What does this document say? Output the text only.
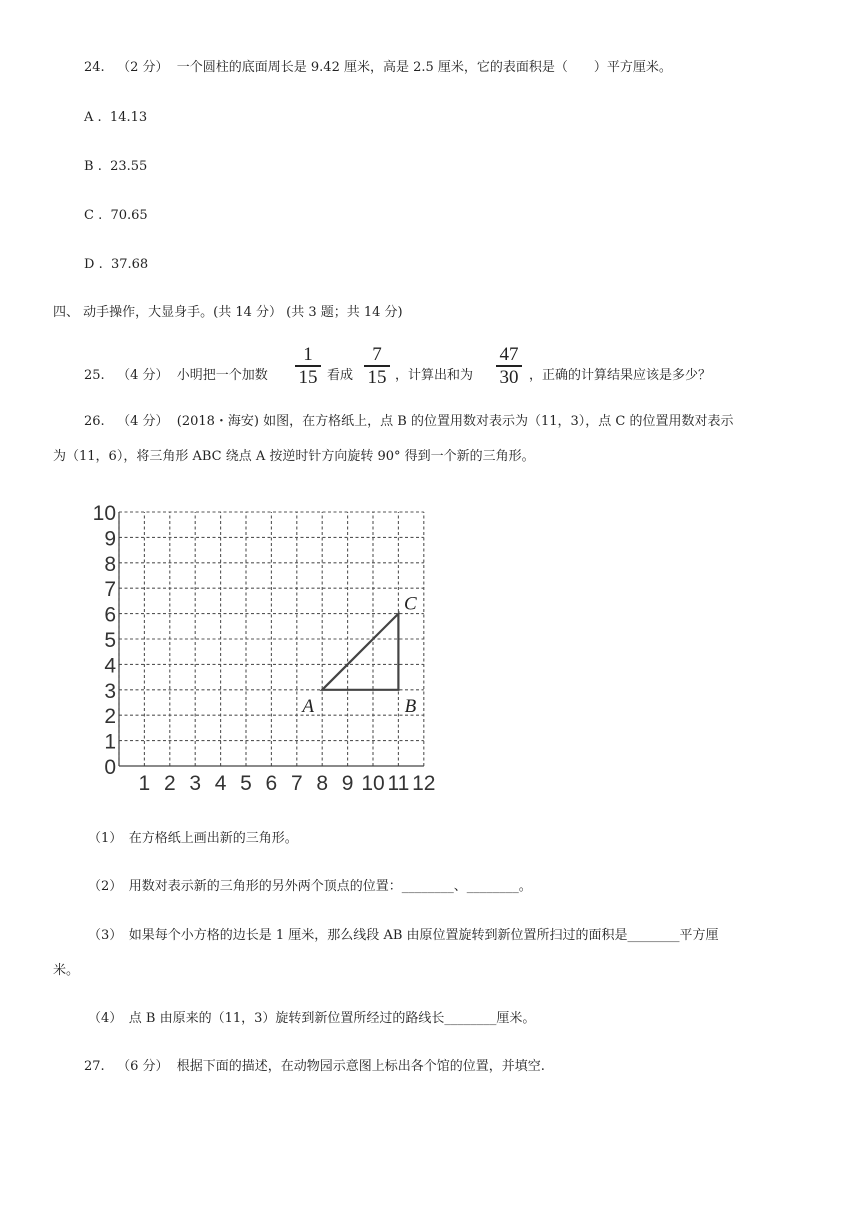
24. （2 分） 一个圆柱的底面周长是 9.42 厘米，高是 2.5 厘米，它的表面积是（　　）平方厘米。
A .  14.13
B .  23.55
C .  70.65
D .  37.68
四、 动手操作，大显身手。(共 14 分） (共 3 题；共 14 分)
25. （4 分） 小明把一个加数
1
15 看成
7
15 ，计算出和为
47
30 ，正确的计算结果应该是多少？
26. （4 分） (2018・海安) 如图，在方格纸上，点 B 的位置用数对表示为（11，3），点 C 的位置用数对表示
为（11，6），将三角形 ABC 绕点 A 按逆时针方向旋转 90° 得到一个新的三角形。
1 2 3 4 5 6 7 8 9 10 11 12
0
1
2
3
4
5
6
7
8
9
10
A	B
C
（1）　在方格纸上画出新的三角形。
（2）　用数对表示新的三角形的另外两个顶点的位置：________、________。
（3）　如果每个小方格的边长是 1 厘米，那么线段 AB 由原位置旋转到新位置所扫过的面积是________平方厘
米。
（4）　点 B 由原来的（11，3）旋转到新位置所经过的路线长________厘米。
27. （6 分） 根据下面的描述，在动物园示意图上标出各个馆的位置，并填空.
